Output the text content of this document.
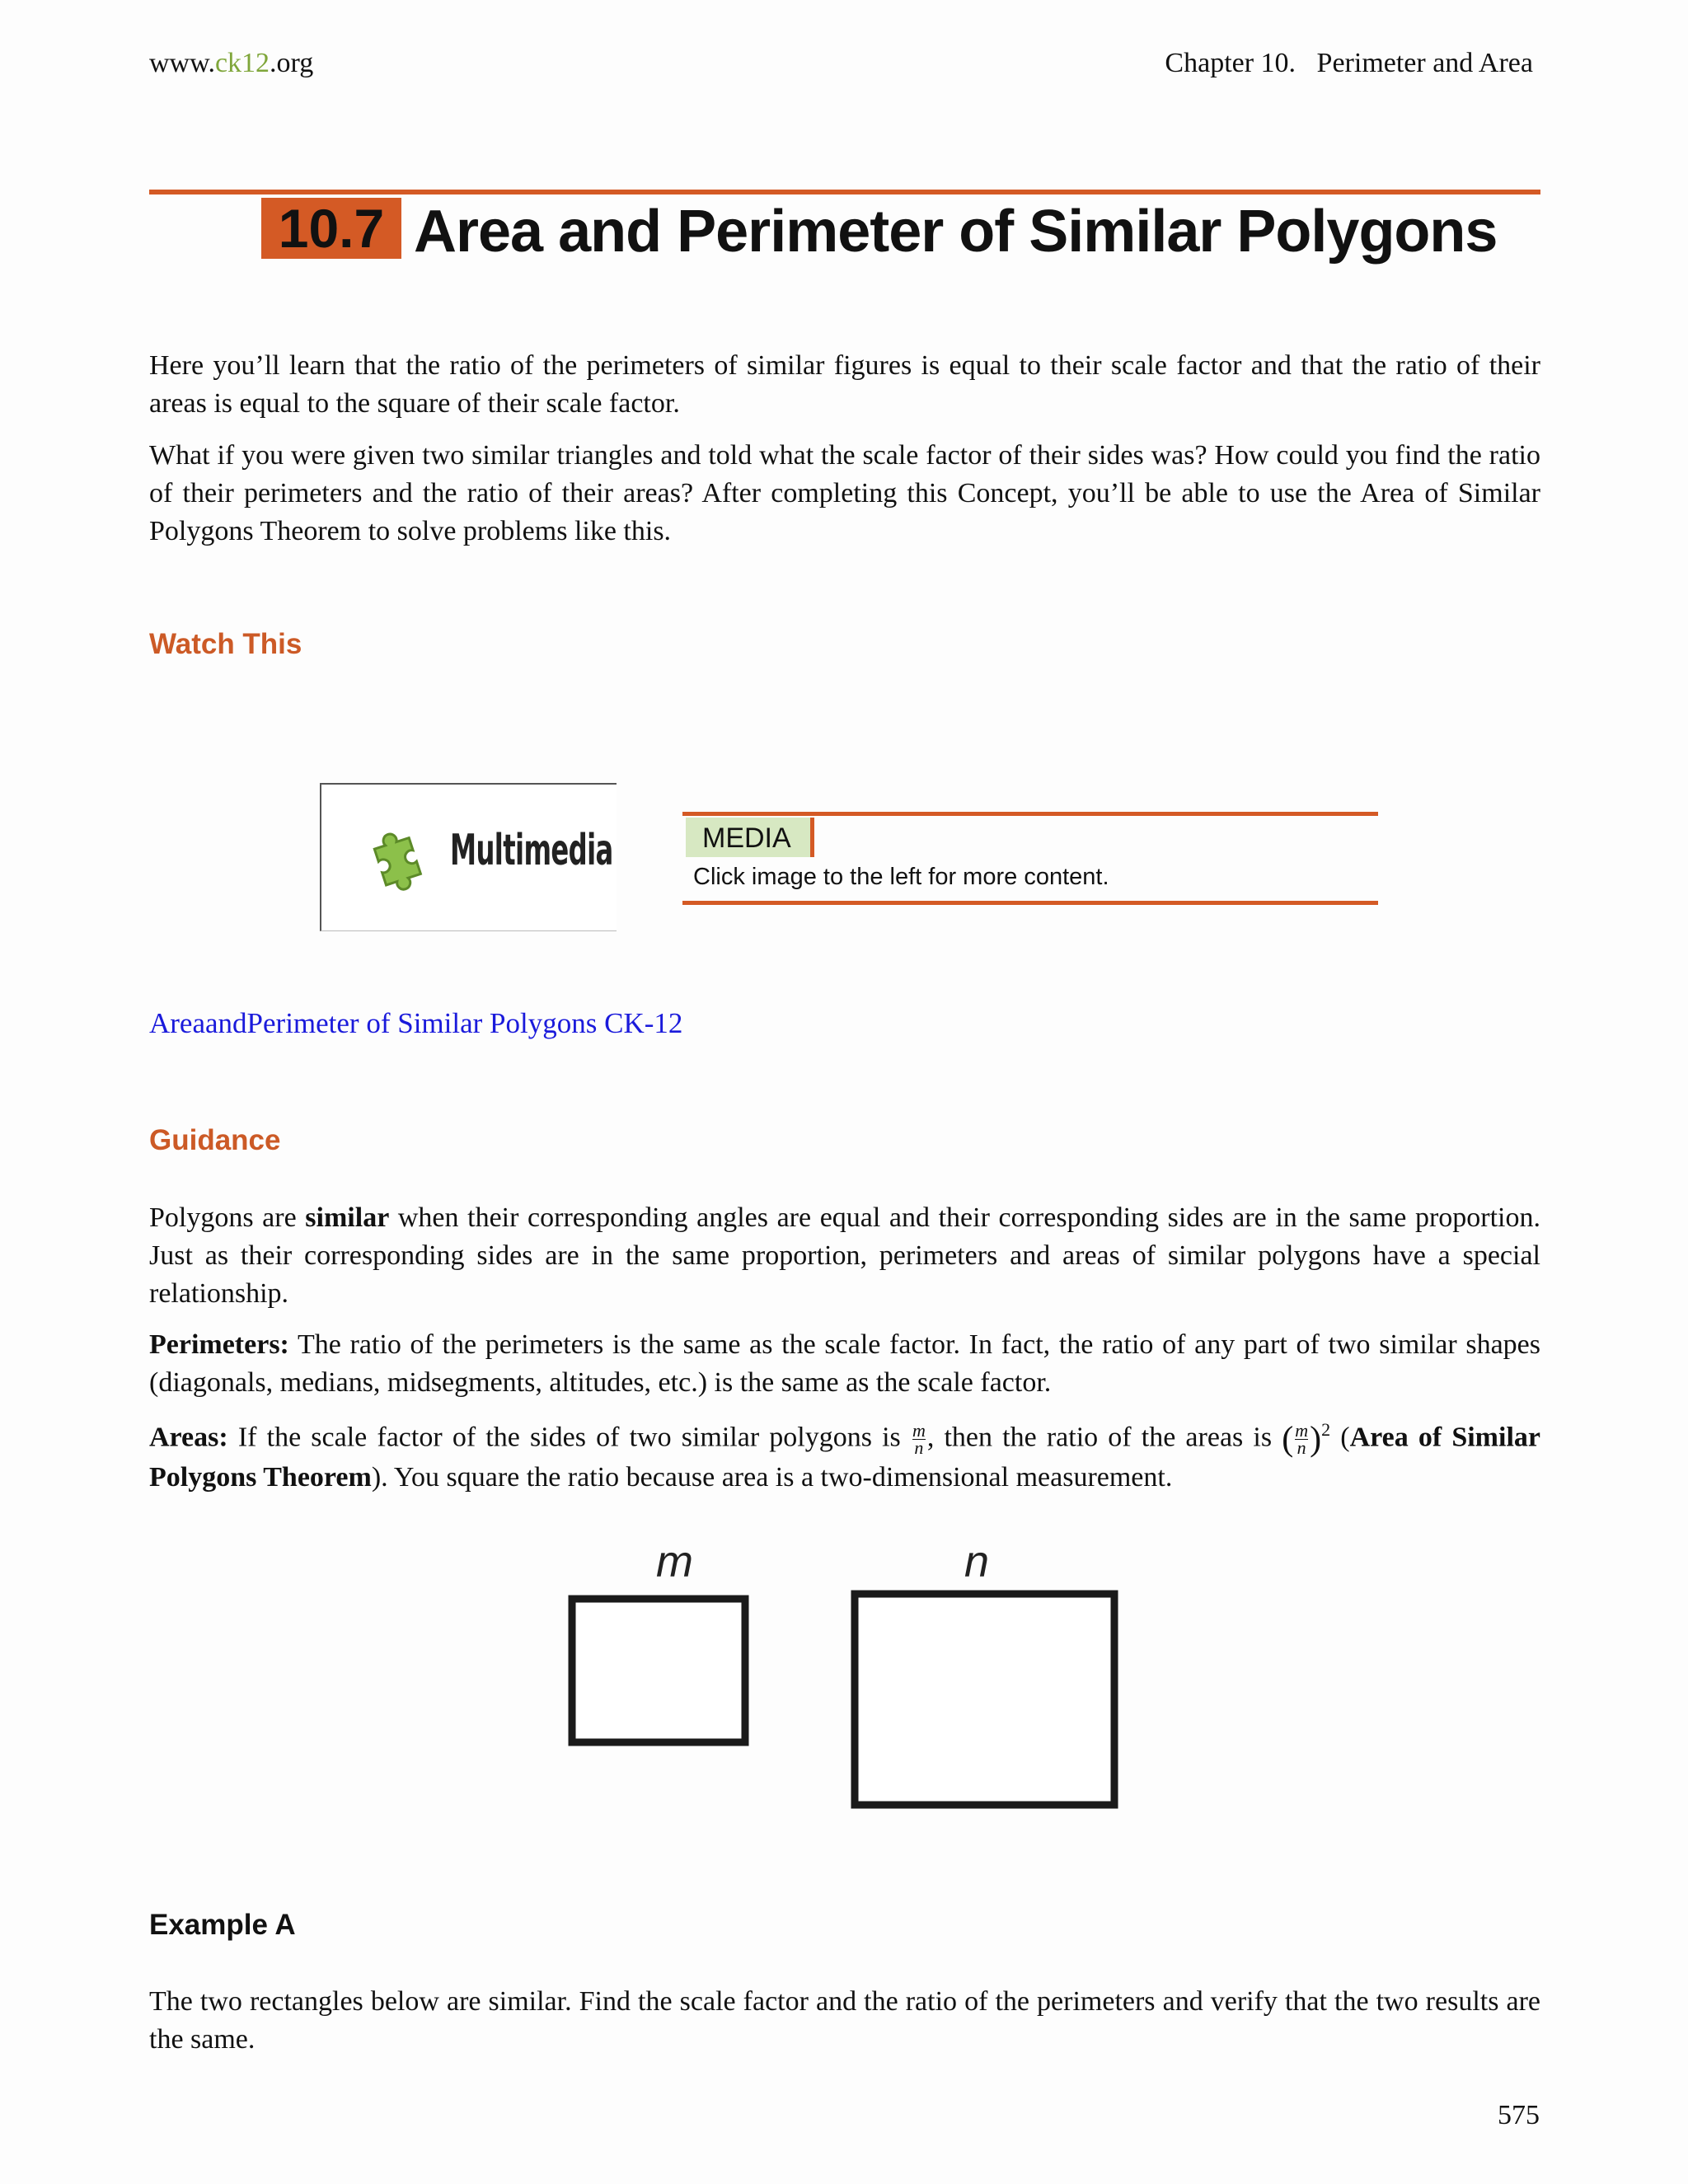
www.ck12.org	Chapter 10.   Perimeter and Area
10.7 Area and Perimeter of Similar Polygons
Here you’ll learn that the ratio of the perimeters of similar figures is equal to their scale factor and that the ratio of their areas is equal to the square of their scale factor.
What if you were given two similar triangles and told what the scale factor of their sides was? How could you find the ratio of their perimeters and the ratio of their areas? After completing this Concept, you’ll be able to use the Area of Similar Polygons Theorem to solve problems like this.
Watch This
Multimedia	MEDIA
Click image to the left for more content.
AreaandPerimeter of Similar Polygons CK-12
Guidance
Polygons are similar when their corresponding angles are equal and their corresponding sides are in the same proportion. Just as their corresponding sides are in the same proportion, perimeters and areas of similar polygons have a special relationship.
Perimeters: The ratio of the perimeters is the same as the scale factor. In fact, the ratio of any part of two similar shapes (diagonals, medians, midsegments, altitudes, etc.) is the same as the scale factor.
Areas: If the scale factor of the sides of two similar polygons is $\frac{m}{n}$ , then the ratio of the areas is ( $\frac{m}{n} )^2$ (Area of Similar Polygons Theorem). You square the ratio because area is a two-dimensional measurement.
m	n
Example A
The two rectangles below are similar. Find the scale factor and the ratio of the perimeters and verify that the two results are the same.
575
